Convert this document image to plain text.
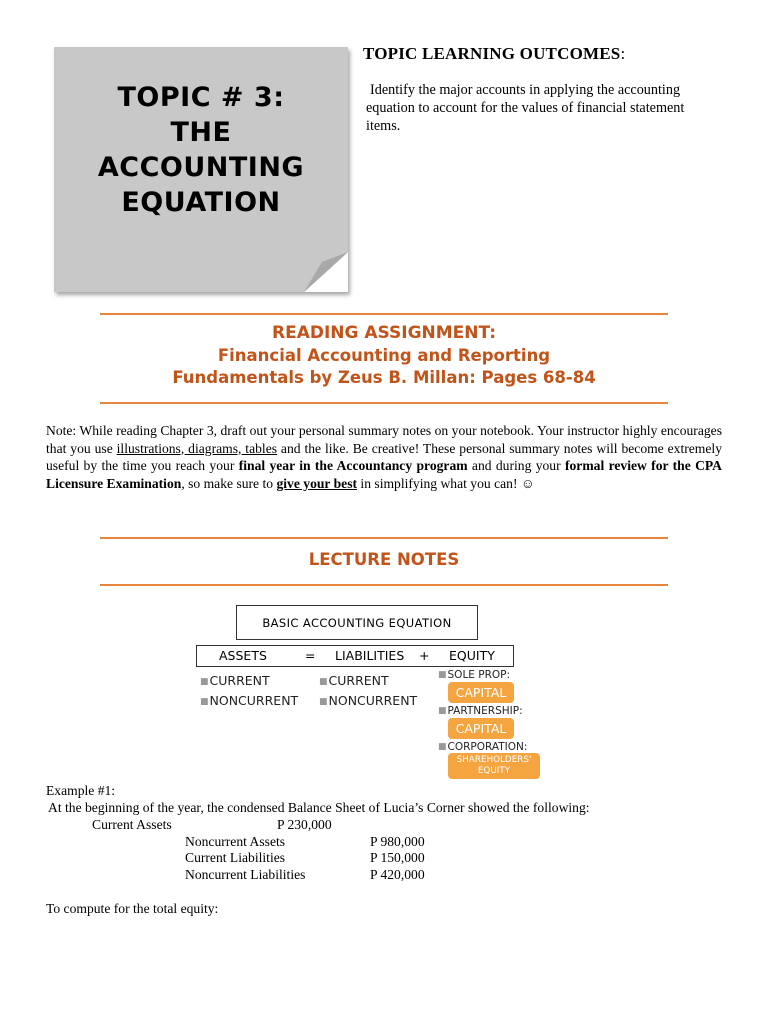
TOPIC # 3:
THE
ACCOUNTING
EQUATION
TOPIC LEARNING OUTCOMES:
Identify the major accounts in applying the accounting equation to account for the values of financial statement items.
READING ASSIGNMENT:
Financial Accounting and Reporting
Fundamentals by Zeus B. Millan: Pages 68-84
Note: While reading Chapter 3, draft out your personal summary notes on your notebook. Your instructor highly encourages that you use illustrations, diagrams, tables and the like. Be creative! These personal summary notes will become extremely useful by the time you reach your final year in the Accountancy program and during your formal review for the CPA Licensure Examination, so make sure to give your best in simplifying what you can! ☺
LECTURE NOTES
BASIC ACCOUNTING EQUATION
ASSETS	= LIABILITIES + EQUITY
■CURRENT
■NONCURRENT
■CURRENT
■NONCURRENT
■SOLE PROP:
CAPITAL
■PARTNERSHIP:
CAPITAL
■CORPORATION:
SHAREHOLDERS'
EQUITY
Example #1:
At the beginning of the year, the condensed Balance Sheet of Lucia’s Corner showed the following:
Current Assets	P 230,000
Noncurrent Assets	P 980,000
Current Liabilities	P 150,000
Noncurrent Liabilities	P 420,000
To compute for the total equity:
